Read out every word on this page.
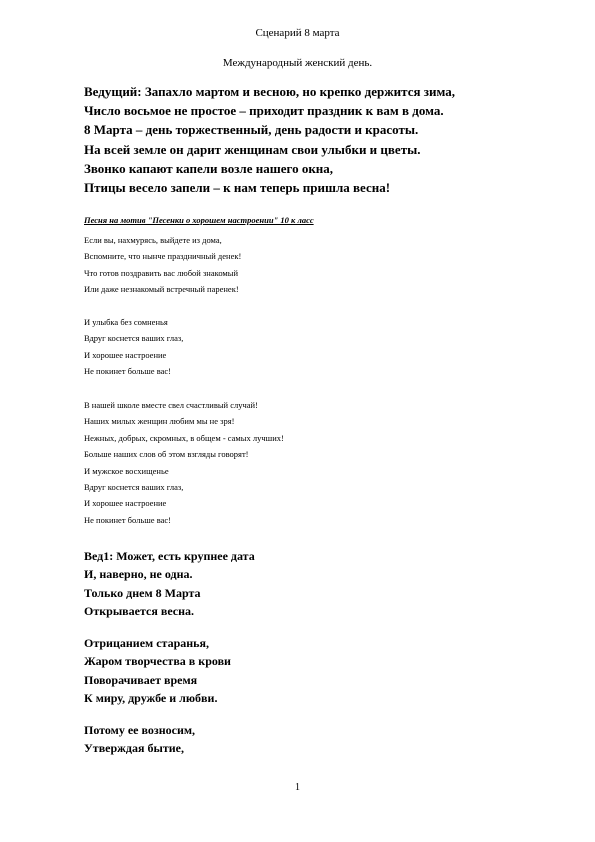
Сценарий 8 марта
Международный женский день.
Ведущий: Запахло мартом и весною, но крепко держится зима,
Число восьмое не простое – приходит праздник к вам в дома.
8 Марта – день торжественный, день радости и красоты.
На всей земле он дарит женщинам свои улыбки и цветы.
Звонко капают капели возле нашего окна,
Птицы весело запели – к нам теперь пришла весна!
Песня на мотив "Песенки о хорошем настроении" 10 к ласс
Если вы, нахмурясь, выйдете из дома,
Вспомните, что нынче праздничный денек!
Что готов поздравить вас любой знакомый
Или даже незнакомый встречный паренек!
И улыбка без сомненья
Вдруг коснется ваших глаз,
И хорошее настроение
Не покинет больше вас!
В нашей школе вместе свел счастливый случай!
Наших милых женщин любим мы не зря!
Нежных, добрых, скромных, в общем - самых лучших!
Больше наших слов об этом взгляды говорят!
И мужское восхищенье
Вдруг коснется ваших глаз,
И хорошее настроение
Не покинет больше вас!
Вед1: Может, есть крупнее дата
И, наверно, не одна.
Только днем 8 Марта
Открывается весна.
Отрицанием старанья,
Жаром творчества в крови
Поворачивает время
К миру, дружбе и любви.
Потому ее возносим,
Утверждая бытие,
1
